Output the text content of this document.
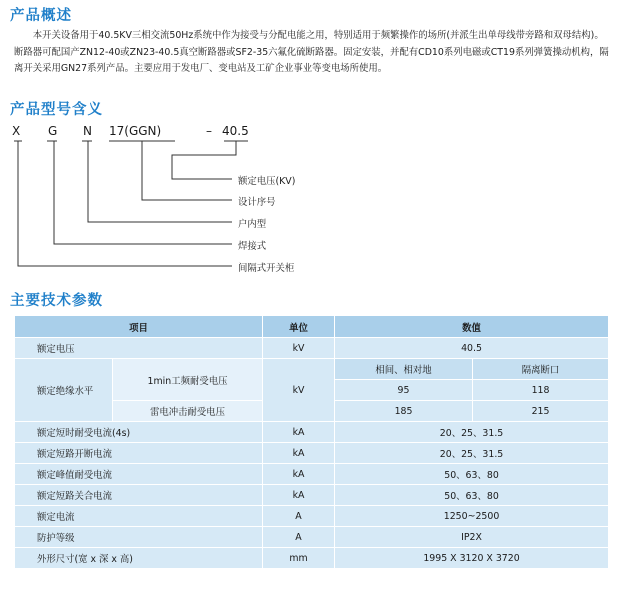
产品概述

本开关设备用于40.5KV三相交流50Hz系统中作为接受与分配电能之用，特别适用于频繁操作的场所(并派生出单母线带旁路和双母结构)。断路器可配国产ZN12-40或ZN23-40.5真空断路器或SF2-35六氟化硫断路器。固定安装，并配有CD10系列电磁或CT19系列弹簧操动机构，隔离开关采用GN27系列产品。主要应用于发电厂、变电站及工矿企业事业等变电场所使用。

产品型号含义
X G N 17(GGN)	– 40.5
额定电压(KV)
设计序号
户内型
焊接式
间隔式开关柜
主要技术参数
项目		单位	数值	
额定电压		kV	40.5	
额定绝缘水平	1min工频耐受电压	kV	相间、相对地	隔离断口
			95	118
	雷电冲击耐受电压		185	215
额定短时耐受电流(4s)		kA	20、25、31.5	
额定短路开断电流		kA	20、25、31.5	
额定峰值耐受电流		kA	50、63、80	
额定短路关合电流		kA	50、63、80	
额定电流		A	1250~2500	
防护等级		A	IP2X	
外形尺寸(宽 x 深 x 高)		mm	1995 X 3120 X 3720	
